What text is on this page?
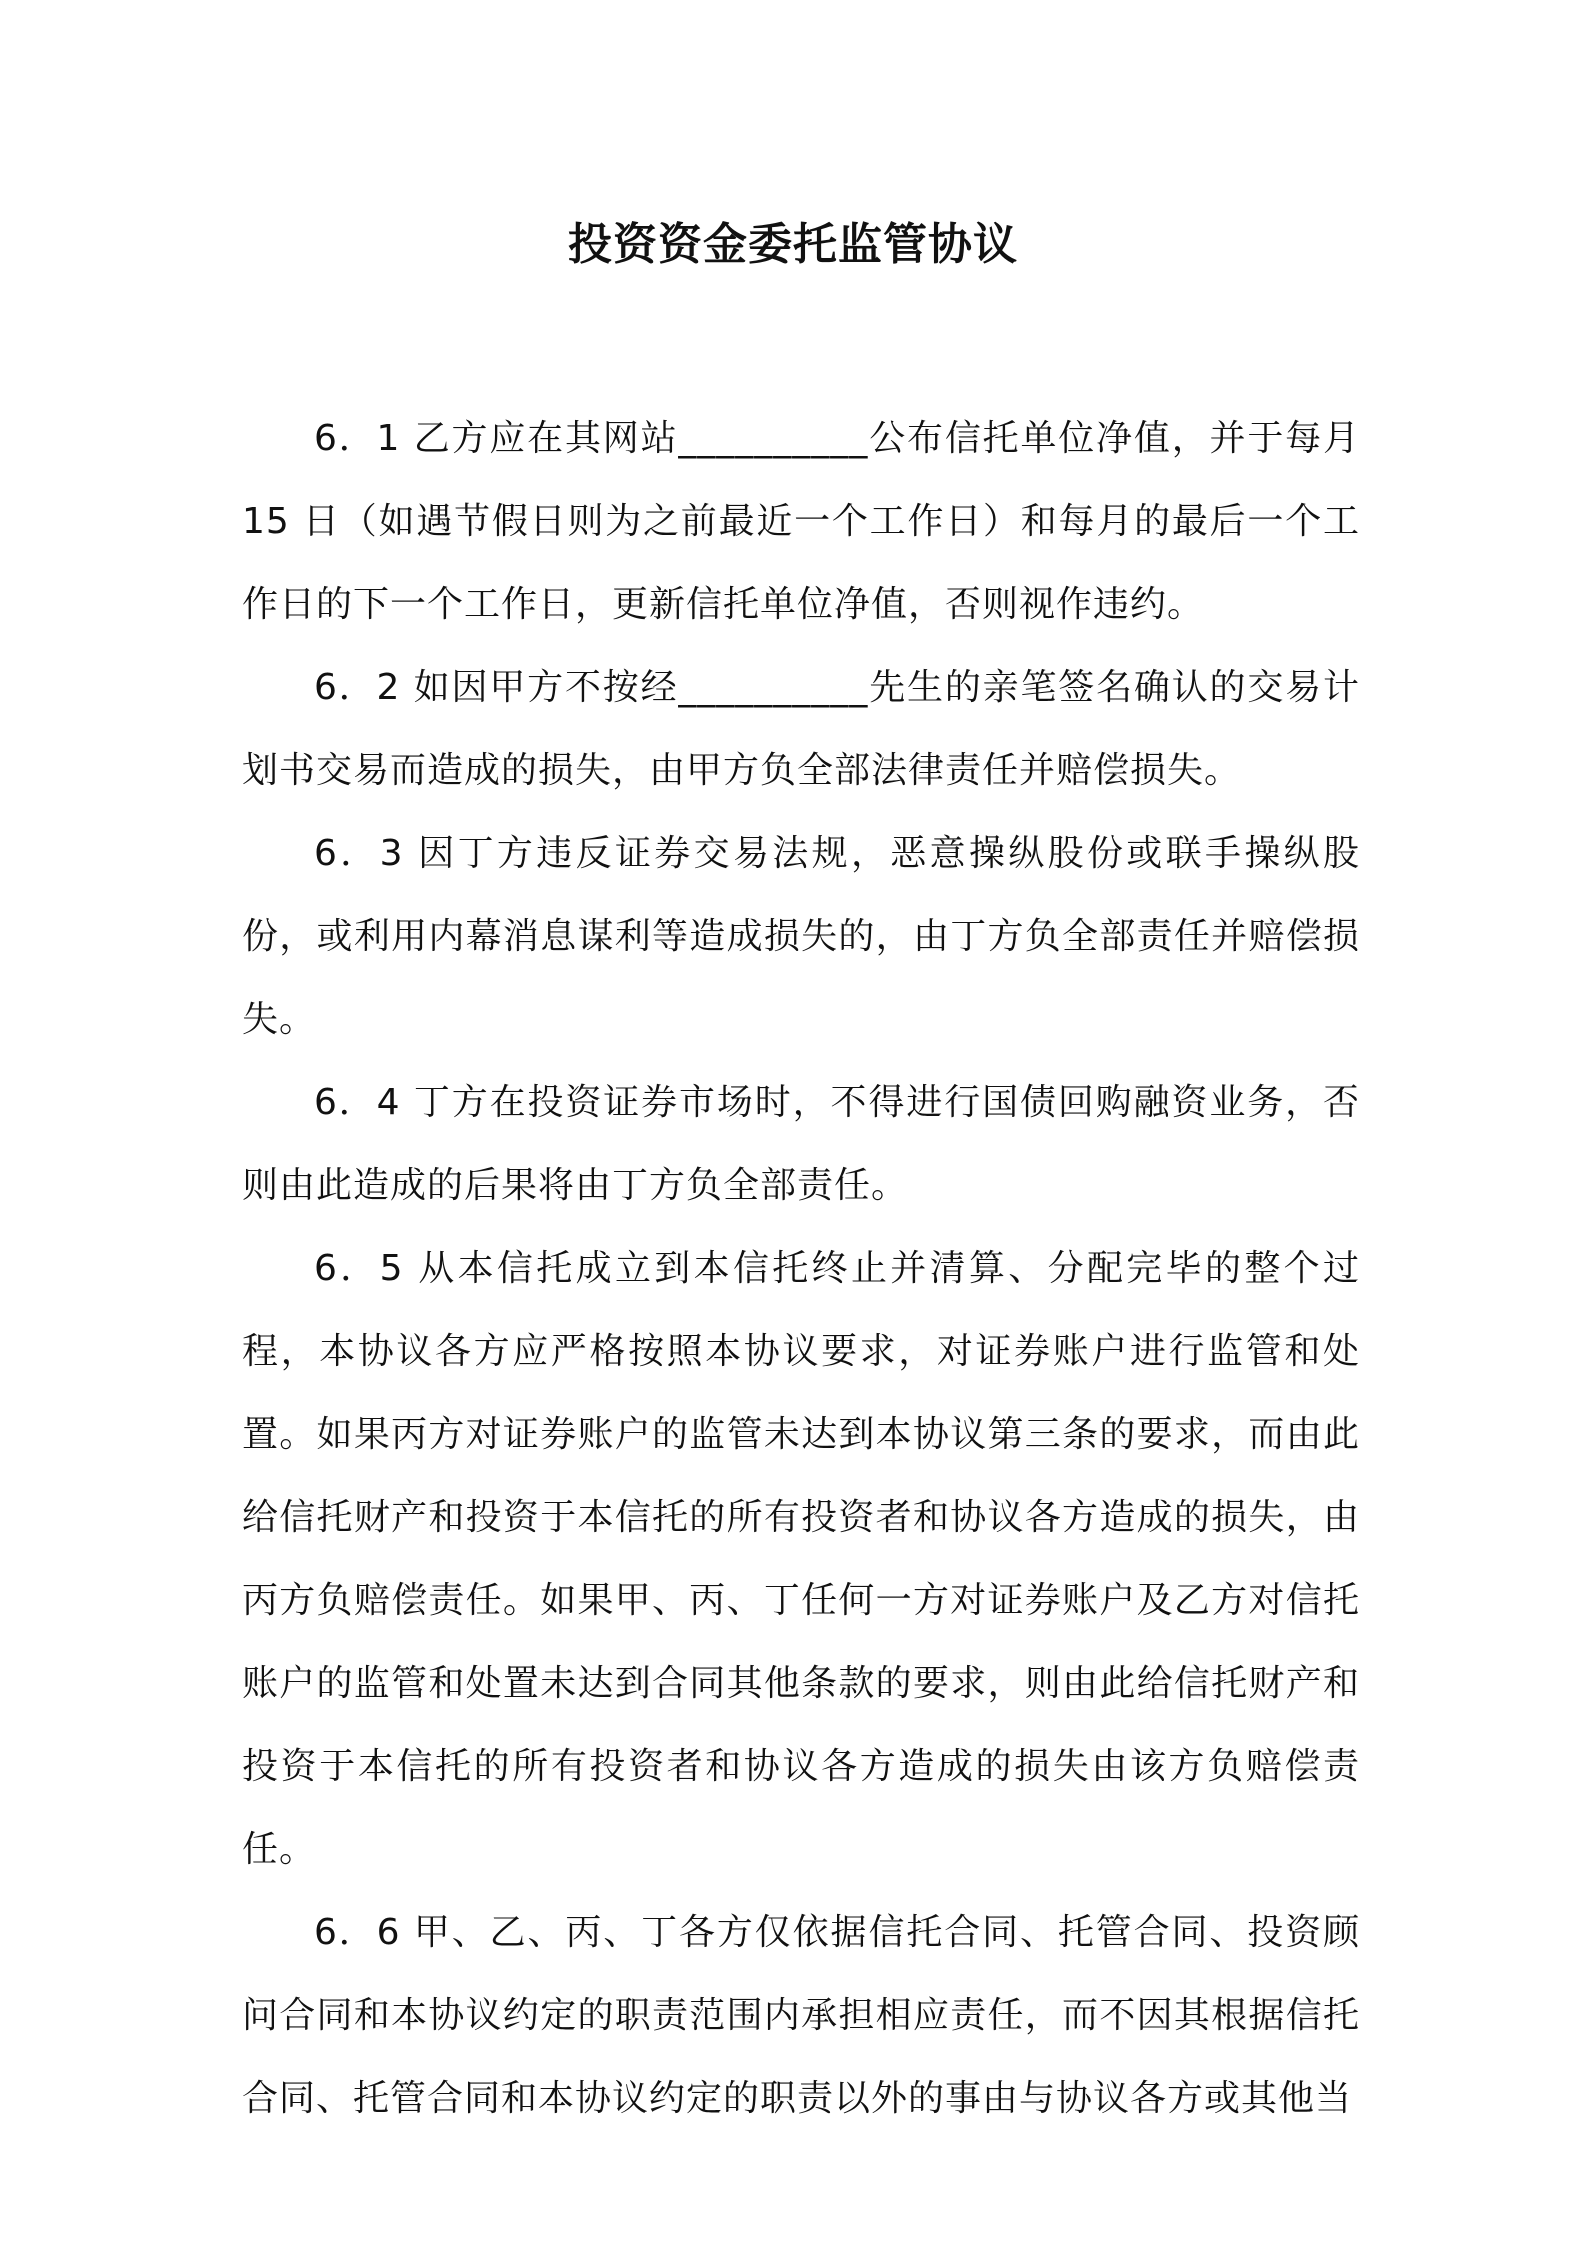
投资资金委托监管协议

6．1 乙方应在其网站__________公布信托单位净值，并于每月15 日（如遇节假日则为之前最近一个工作日）和每月的最后一个工作日的下一个工作日，更新信托单位净值，否则视作违约。

6．2 如因甲方不按经__________先生的亲笔签名确认的交易计划书交易而造成的损失，由甲方负全部法律责任并赔偿损失。

6．3 因丁方违反证券交易法规，恶意操纵股份或联手操纵股份，或利用内幕消息谋利等造成损失的，由丁方负全部责任并赔偿损失。

6．4 丁方在投资证券市场时，不得进行国债回购融资业务，否则由此造成的后果将由丁方负全部责任。

6．5 从本信托成立到本信托终止并清算、分配完毕的整个过程，本协议各方应严格按照本协议要求，对证券账户进行监管和处置。如果丙方对证券账户的监管未达到本协议第三条的要求，而由此给信托财产和投资于本信托的所有投资者和协议各方造成的损失，由丙方负赔偿责任。如果甲、丙、丁任何一方对证券账户及乙方对信托账户的监管和处置未达到合同其他条款的要求，则由此给信托财产和投资于本信托的所有投资者和协议各方造成的损失由该方负赔偿责任。

6．6 甲、乙、丙、丁各方仅依据信托合同、托管合同、投资顾问合同和本协议约定的职责范围内承担相应责任，而不因其根据信托合同、托管合同和本协议约定的职责以外的事由与协议各方或其他当
